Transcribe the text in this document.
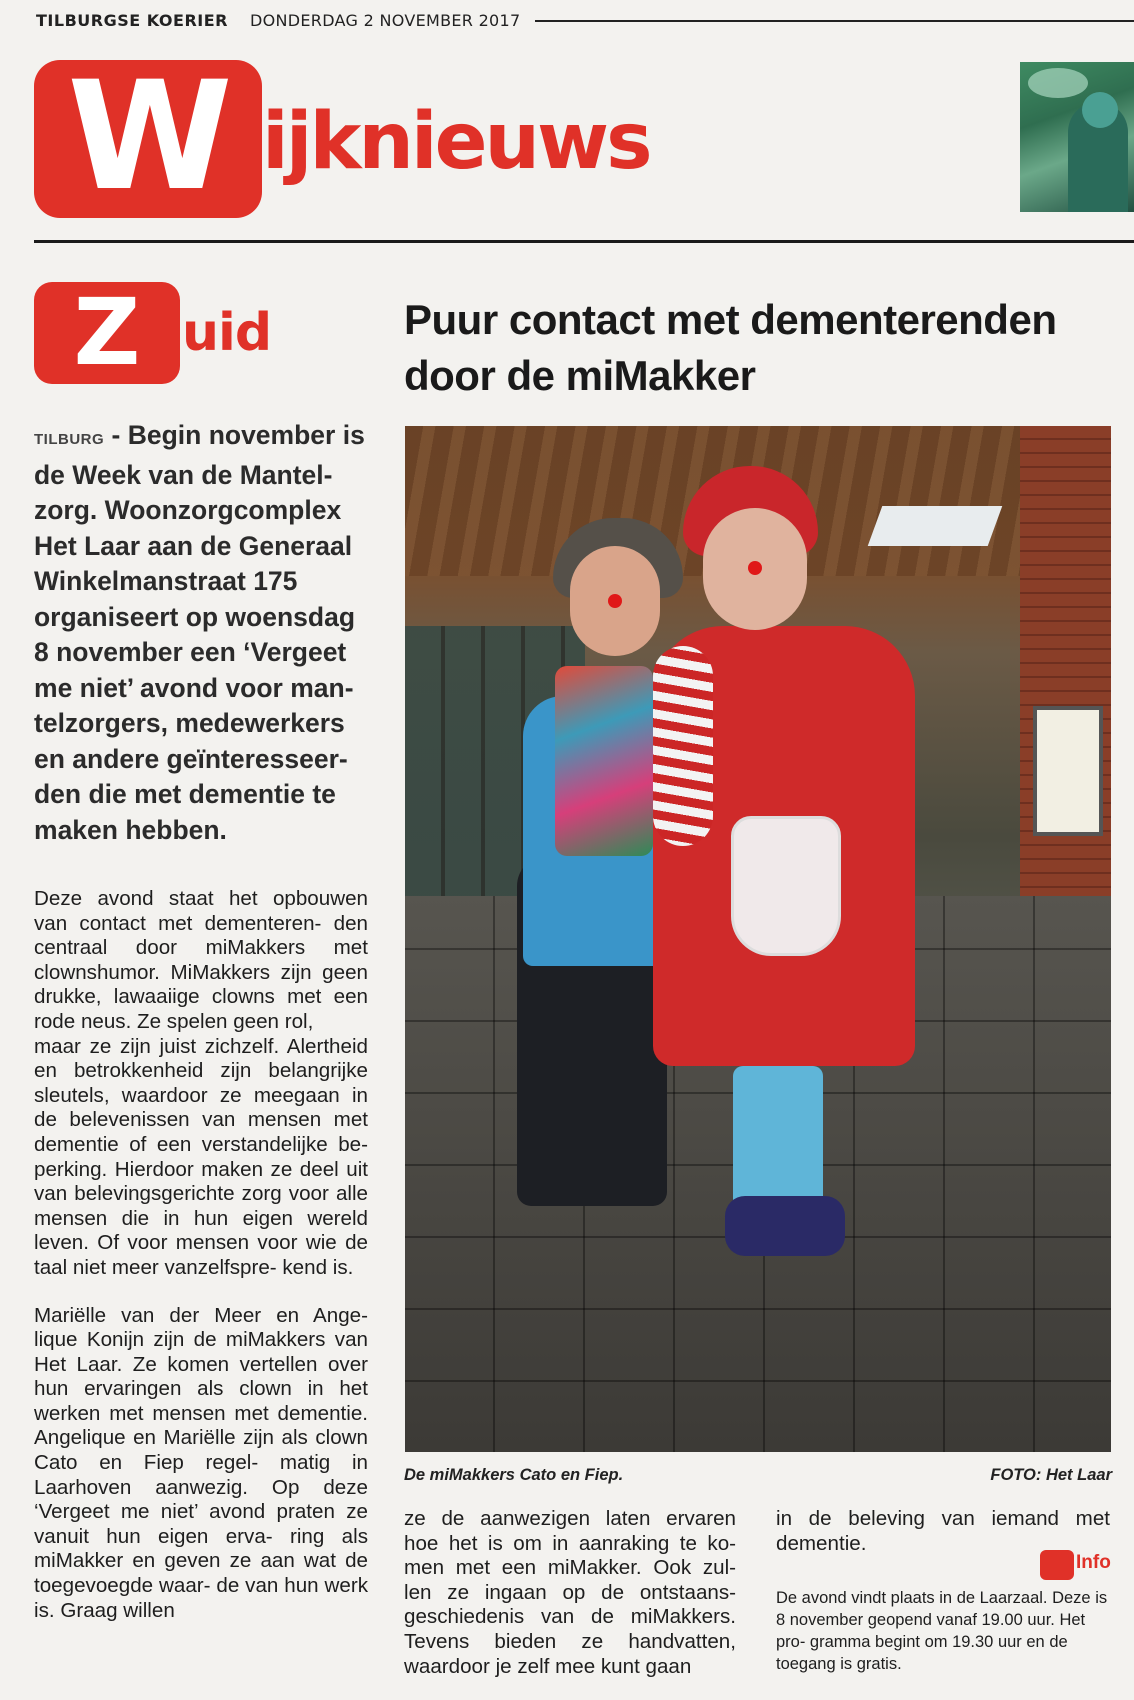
TILBURGSE KOERIER DONDERDAG 2 NOVEMBER 2017
W ijknieuws
Z uid	Puur contact met dementerenden
door de miMakker
TILBURG - Begin november is de Week van de Mantel- zorg. Woonzorgcomplex Het Laar aan de Generaal Winkelmanstraat 175 organiseert op woensdag 8 november een ‘Vergeet me niet’ avond voor man- telzorgers, medewerkers en andere geïnteresseer- den die met dementie te maken hebben.

Deze avond staat het opbouwen van contact met dementeren- den centraal door miMakkers met clownshumor. MiMakkers zijn geen drukke, lawaaiige clowns met een rode neus. Ze spelen geen rol,
maar ze zijn juist zichzelf. Alertheid en betrokkenheid zijn belangrijke sleutels, waardoor ze meegaan in de belevenissen van mensen met dementie of een verstandelijke be- perking. Hierdoor maken ze deel uit van belevingsgerichte zorg voor alle mensen die in hun eigen wereld leven. Of voor mensen voor wie de taal niet meer vanzelfspre- kend is.

Mariëlle van der Meer en Ange- lique Konijn zijn de miMakkers van Het Laar. Ze komen vertellen over hun ervaringen als clown in het werken met mensen met dementie. Angelique en Mariëlle zijn als clown Cato en Fiep regel- matig in Laarhoven aanwezig. Op deze ‘Vergeet me niet’ avond praten ze vanuit hun eigen erva- ring als miMakker en geven ze aan wat de toegevoegde waar- de van hun werk is. Graag willen

De miMakkers Cato en Fiep.	FOTO: Het Laar
ze de aanwezigen laten ervaren hoe het is om in aanraking te ko- men met een miMakker. Ook zul- len ze ingaan op de ontstaans- geschiedenis van de miMakkers. Tevens bieden ze handvatten, waardoor je zelf mee kunt gaan
in de beleving van iemand met dementie.
Info
De avond vindt plaats in de Laarzaal. Deze is 8 november geopend vanaf 19.00 uur. Het pro- gramma begint om 19.30 uur en de toegang is gratis.
